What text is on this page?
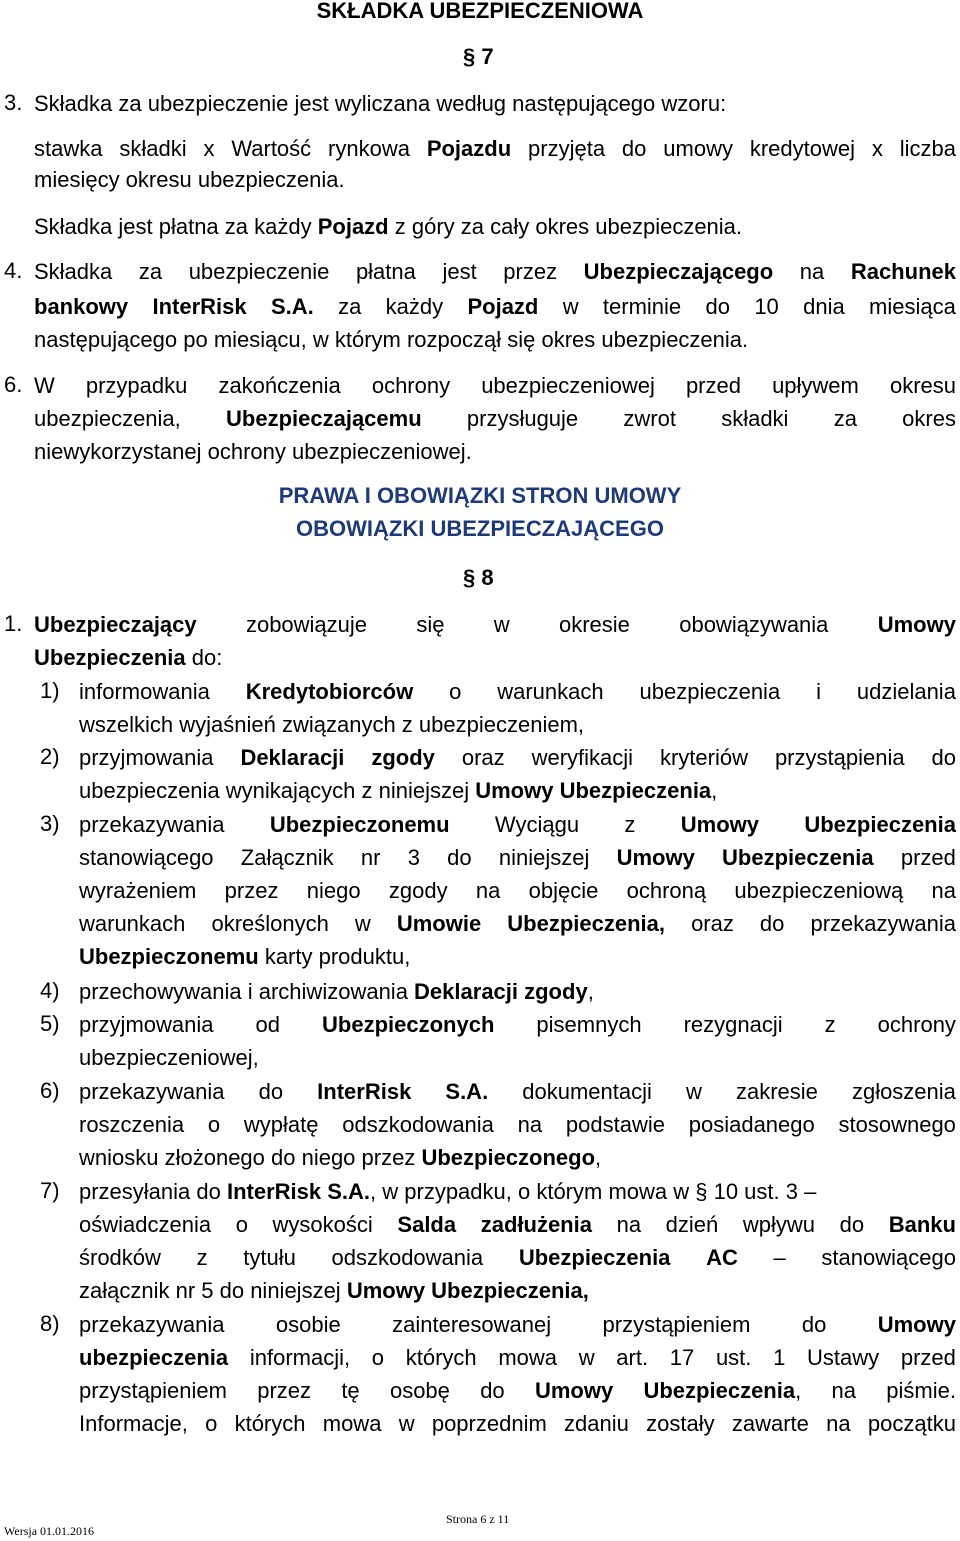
SKŁADKA UBEZPIECZENIOWA
§ 7
3. Składka za ubezpieczenie jest wyliczana według następującego wzoru:
stawka składki x Wartość rynkowa Pojazdu przyjęta do umowy kredytowej x liczba
miesięcy okresu ubezpieczenia.
Składka jest płatna za każdy Pojazd z góry za cały okres ubezpieczenia.
4. Składka za ubezpieczenie płatna jest przez Ubezpieczającego na Rachunek
bankowy InterRisk S.A. za każdy Pojazd w terminie do 10 dnia miesiąca
następującego po miesiącu, w którym rozpoczął się okres ubezpieczenia.
6. W przypadku zakończenia ochrony ubezpieczeniowej przed upływem okresu
ubezpieczenia, Ubezpieczającemu przysługuje zwrot składki za okres
niewykorzystanej ochrony ubezpieczeniowej.
PRAWA I OBOWIĄZKI STRON UMOWY
OBOWIĄZKI UBEZPIECZAJĄCEGO
§ 8
1. Ubezpieczający zobowiązuje się w okresie obowiązywania Umowy
Ubezpieczenia do:
1) informowania Kredytobiorców o warunkach ubezpieczenia i udzielania
wszelkich wyjaśnień związanych z ubezpieczeniem,
2) przyjmowania Deklaracji zgody oraz weryfikacji kryteriów przystąpienia do
ubezpieczenia wynikających z niniejszej Umowy Ubezpieczenia,
3) przekazywania Ubezpieczonemu Wyciągu z Umowy Ubezpieczenia
stanowiącego Załącznik nr 3 do niniejszej Umowy Ubezpieczenia przed
wyrażeniem przez niego zgody na objęcie ochroną ubezpieczeniową na
warunkach określonych w Umowie Ubezpieczenia, oraz do przekazywania
Ubezpieczonemu karty produktu,
4) przechowywania i archiwizowania Deklaracji zgody,
5) przyjmowania od Ubezpieczonych pisemnych rezygnacji z ochrony
ubezpieczeniowej,
6) przekazywania do InterRisk S.A. dokumentacji w zakresie zgłoszenia
roszczenia o wypłatę odszkodowania na podstawie posiadanego stosownego
wniosku złożonego do niego przez Ubezpieczonego,
7) przesyłania do InterRisk S.A., w przypadku, o którym mowa w § 10 ust. 3 –
oświadczenia o wysokości Salda zadłużenia na dzień wpływu do Banku
środków z tytułu odszkodowania Ubezpieczenia AC – stanowiącego
załącznik nr 5 do niniejszej Umowy Ubezpieczenia,
8) przekazywania osobie zainteresowanej przystąpieniem do Umowy
ubezpieczenia informacji, o których mowa w art. 17 ust. 1 Ustawy przed
przystąpieniem przez tę osobę do Umowy Ubezpieczenia, na piśmie.
Informacje, o których mowa w poprzednim zdaniu zostały zawarte na początku
Strona 6 z 11
Wersja 01.01.2016
